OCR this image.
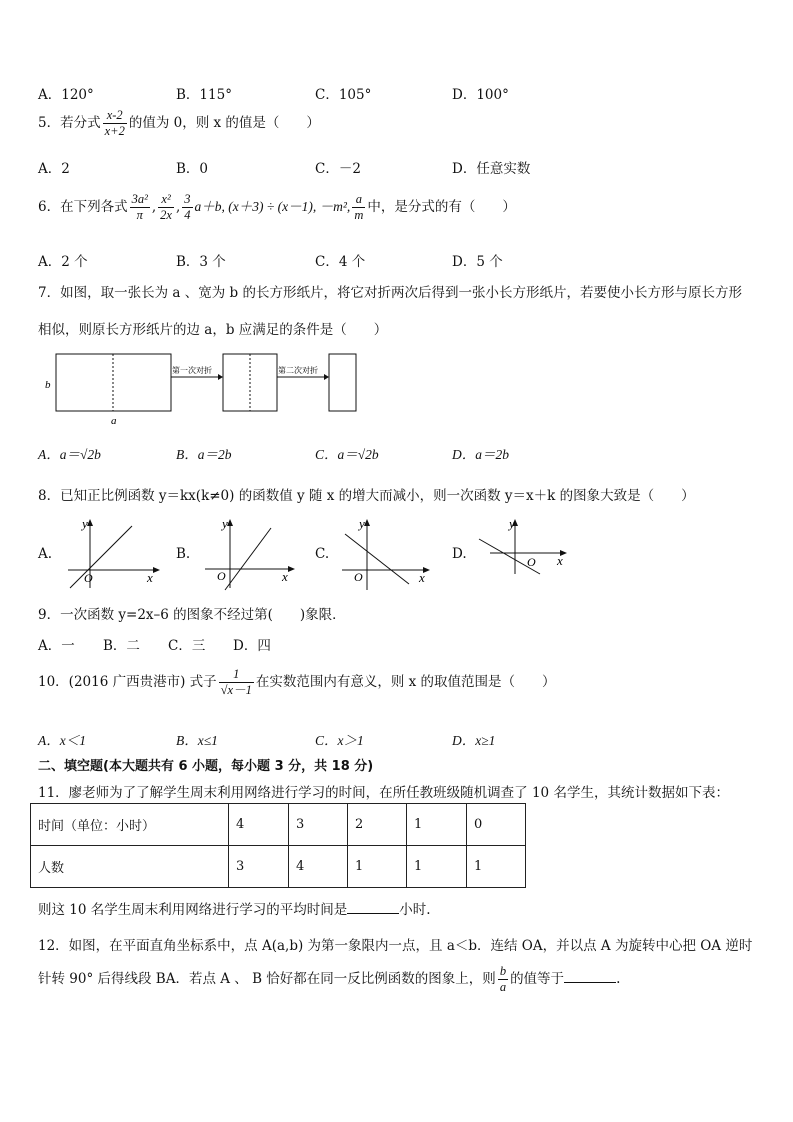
A．120°	B．115°	C．105°	D．100°
5．若分式 $\frac{x-2}{x+2}$ 的值为 0，则 x 的值是（　　）
A．2	B．0	C．－2	D．任意实数
6．在下列各式 $\frac{\text{3a²}}{\pi}$ , $\frac{\text{x²}}{2x}$ , $\frac{3}{4} a+b$, (x＋3) ÷ (x－1), －m², $\frac{a}{m}$ 中，是分式的有（　　）
A．2 个	B．3 个	C．4 个	D．5 个
7．如图，取一张长为 a 、宽为 b 的长方形纸片，将它对折两次后得到一张小长方形纸片，若要使小长方形与原长方形
相似，则原长方形纸片的边 a，b 应满足的条件是（　　）
b
a
第一次对折	第二次对折
A．a＝√2b	B．a＝2b	C．a＝√2b	D．a＝2b
8．已知正比例函数 y＝kx(k≠0) 的函数值 y 随 x 的增大而减小，则一次函数 y＝x＋k 的图象大致是（　　）
A.
y
x
O
B.
y
x
O
C.
y
x
O
D.
y
x
O
9．一次函数 y=2x–6 的图象不经过第(　　)象限．
A．一 B．二 C．三 D．四
10．(2016 广西贵港市) 式子 $\frac{1}{√x-1}$ 在实数范围内有意义，则 x 的取值范围是（　　）
A．x＜1	B．x≤1	C．x＞1	D．x≥1
二、填空题(本大题共有 6 小题，每小题 3 分，共 18 分)
11．廖老师为了了解学生周末利用网络进行学习的时间，在所任教班级随机调查了 10 名学生，其统计数据如下表：
时间（单位：小时）	4	3	2	1	0
人数	3	4	1	1	1
则这 10 名学生周末利用网络进行学习的平均时间是	小时.
12．如图，在平面直角坐标系中，点 A(a,b) 为第一象限内一点，且 a＜b．连结 OA，并以点 A 为旋转中心把 OA 逆时
针转 90° 后得线段 BA．若点 A 、 B 恰好都在同一反比例函数的图象上，则 $\frac{b}{a}$ 的值等于	.
